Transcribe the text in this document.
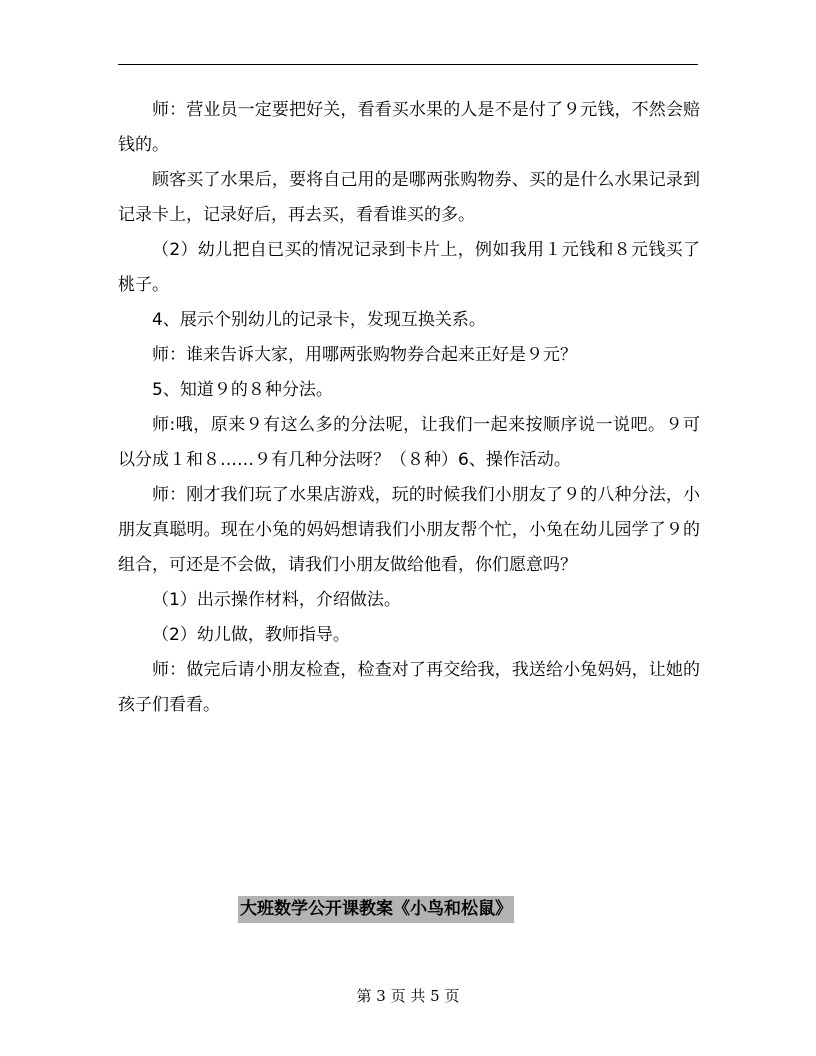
师：营业员一定要把好关，看看买水果的人是不是付了９元钱，不然会赔钱的。

顾客买了水果后，要将自己用的是哪两张购物券、买的是什么水果记录到记录卡上，记录好后，再去买，看看谁买的多。

（2）幼儿把自已买的情况记录到卡片上，例如我用１元钱和８元钱买了桃子。

4、展示个别幼儿的记录卡，发现互换关系。

师：谁来告诉大家，用哪两张购物券合起来正好是９元？

5、知道９的８种分法。

师:哦，原来９有这么多的分法呢，让我们一起来按顺序说一说吧。９可以分成１和８……９有几种分法呀？（８种）6、操作活动。

师：刚才我们玩了水果店游戏，玩的时候我们小朋友了９的八种分法，小朋友真聪明。现在小兔的妈妈想请我们小朋友帮个忙，小兔在幼儿园学了９的组合，可还是不会做，请我们小朋友做给他看，你们愿意吗？

（1）出示操作材料，介绍做法。

（2）幼儿做，教师指导。

师：做完后请小朋友检查，检查对了再交给我，我送给小兔妈妈，让她的孩子们看看。

大班数学公开课教案《小鸟和松鼠》
第 3 页 共 5 页
